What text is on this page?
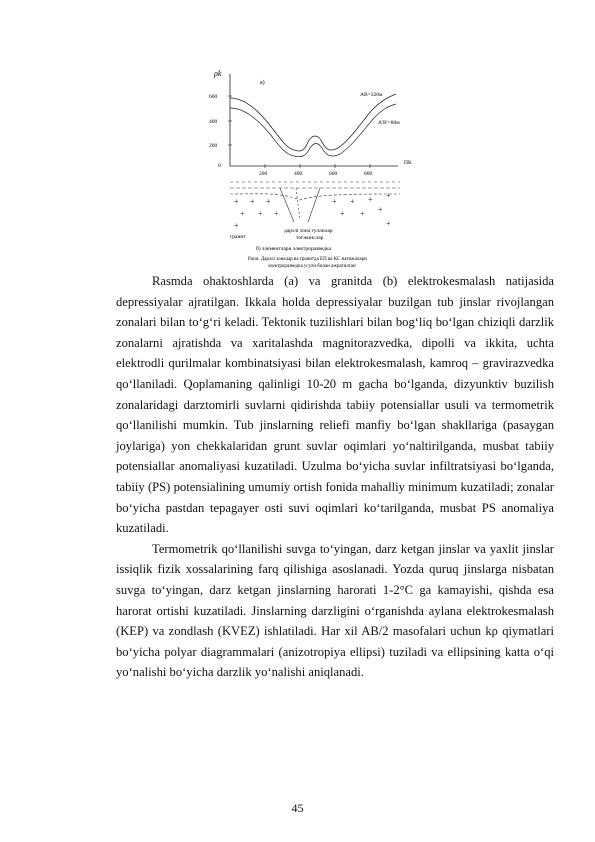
ρk
a)
600
400
200
0
200	400	600	800
ПК
АВ=320м
А'В'=80м
+ + +
+ + +
+ + + +
+ + +
+	+
гранит
дарзлі зона гуллилар
тоғжинслар
б) элементлари электроразведка
Расм. Дарзлі зоналар ва гранитда ЕП ва КС натижалари
электроразведка усули билан ажратилган

Rasmda ohaktoshlarda (a) va granitda (b) elektrokesmalash natijasida depressiyalar ajratilgan. Ikkala holda depressiyalar buzilgan tub jinslar rivojlangan zonalari bilan to‘g‘ri keladi. Tektonik tuzilishlari bilan bog‘liq bo‘lgan chiziqli darzlik zonalarni ajratishda va xaritalashda magnitorazvedka, dipolli va ikkita, uchta elektrodli qurilmalar kombinatsiyasi bilan elektrokesmalash, kamroq – gravirazvedka qo‘llaniladi. Qoplamaning qalinligi 10-20 m gacha bo‘lganda, dizyunktiv buzilish zonalaridagi darztomirli suvlarni qidirishda tabiiy potensiallar usuli va termometrik qo‘llanilishi mumkin. Tub jinslarning reliefi manfiy bo‘lgan shakllariga (pasaygan joylariga) yon chekkalaridan grunt suvlar oqimlari yo‘naltirilganda, musbat tabiiy potensiallar anomaliyasi kuzatiladi. Uzulma bo‘yicha suvlar infiltratsiyasi bo‘lganda, tabiiy (PS) potensialining umumiy ortish fonida mahalliy minimum kuzatiladi; zonalar bo‘yicha pastdan tepagayer osti suvi oqimlari ko‘tarilganda, musbat PS anomaliya kuzatiladi.

Termometrik qo‘llanilishi suvga to‘yingan, darz ketgan jinslar va yaxlit jinslar issiqlik fizik xossalarining farq qilishiga asoslanadi. Yozda quruq jinslarga nisbatan suvga to‘yingan, darz ketgan jinslarning harorati 1-2°C ga kamayishi, qishda esa harorat ortishi kuzatiladi. Jinslarning darzligini o‘rganishda aylana elektrokesmalash (KEP) va zondlash (KVEZ) ishlatiladi. Har xil AB/2 masofalari uchun kρ qiymatlari bo‘yicha polyar diagrammalari (anizotropiya ellipsi) tuziladi va ellipsining katta o‘qi yo‘nalishi bo‘yicha darzlik yo‘nalishi aniqlanadi.

45
